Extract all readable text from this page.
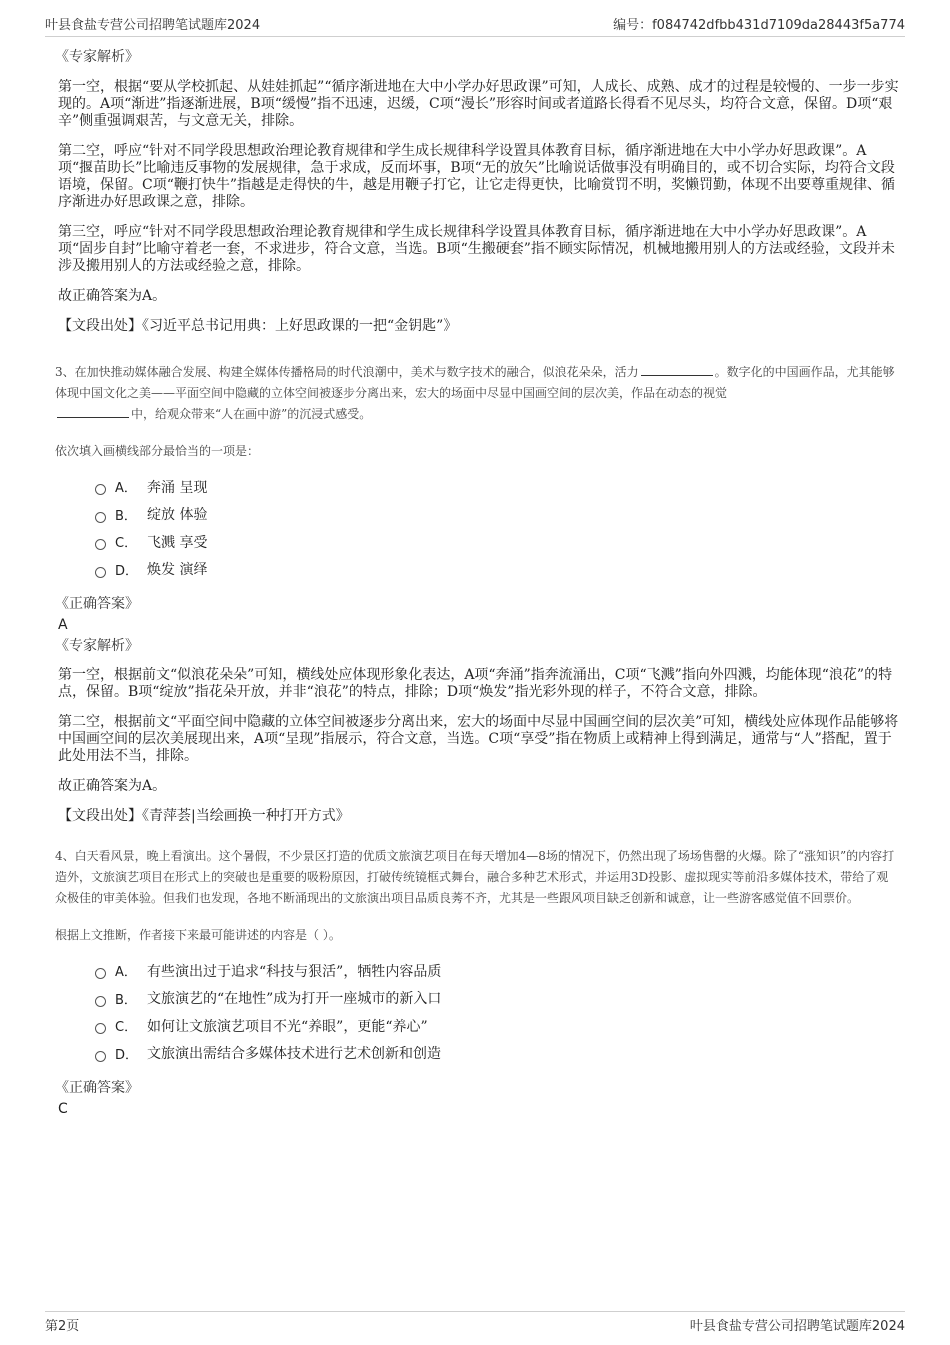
叶县食盐专营公司招聘笔试题库2024	编号：f084742dfbb431d7109da28443f5a774

《专家解析》

第一空，根据“要从学校抓起、从娃娃抓起”“循序渐进地在大中小学办好思政课”可知，人成长、成熟、成才的过程是较慢的、一步一步实现的。A项“渐进”指逐渐进展，B项“缓慢”指不迅速，迟缓，C项“漫长”形容时间或者道路长得看不见尽头，均符合文意，保留。D项“艰辛”侧重强调艰苦，与文意无关，排除。

第二空，呼应“针对不同学段思想政治理论教育规律和学生成长规律科学设置具体教育目标，循序渐进地在大中小学办好思政课”。A项“揠苗助长”比喻违反事物的发展规律，急于求成，反而坏事，B项“无的放矢”比喻说话做事没有明确目的，或不切合实际，均符合文段语境，保留。C项“鞭打快牛”指越是走得快的牛，越是用鞭子打它，让它走得更快，比喻赏罚不明，奖懒罚勤，体现不出要尊重规律、循序渐进办好思政课之意，排除。

第三空，呼应“针对不同学段思想政治理论教育规律和学生成长规律科学设置具体教育目标，循序渐进地在大中小学办好思政课”。A项“固步自封”比喻守着老一套，不求进步，符合文意，当选。B项“生搬硬套”指不顾实际情况，机械地搬用别人的方法或经验，文段并未涉及搬用别人的方法或经验之意，排除。

故正确答案为A。

【文段出处】《习近平总书记用典：上好思政课的一把“金钥匙”》

3、在加快推动媒体融合发展、构建全媒体传播格局的时代浪潮中，美术与数字技术的融合，似浪花朵朵，活力	。数字化的中国画作品，尤其能够体现中国文化之美——平面空间中隐藏的立体空间被逐步分离出来，宏大的场面中尽显中国画空间的层次美，作品在动态的视觉
中，给观众带来“人在画中游”的沉浸式感受。

依次填入画横线部分最恰当的一项是：

A． 奔涌 呈现
B． 绽放 体验
C． 飞溅 享受
D． 焕发 演绎

《正确答案》

A

《专家解析》

第一空，根据前文“似浪花朵朵”可知，横线处应体现形象化表达，A项“奔涌”指奔流涌出，C项“飞溅”指向外四溅，均能体现“浪花”的特点，保留。B项“绽放”指花朵开放，并非“浪花”的特点，排除；D项“焕发”指光彩外现的样子，不符合文意，排除。

第二空，根据前文“平面空间中隐藏的立体空间被逐步分离出来，宏大的场面中尽显中国画空间的层次美”可知，横线处应体现作品能够将中国画空间的层次美展现出来，A项“呈现”指展示，符合文意，当选。C项“享受”指在物质上或精神上得到满足，通常与“人”搭配，置于此处用法不当，排除。

故正确答案为A。

【文段出处】《青萍荟|当绘画换一种打开方式》

4、白天看风景，晚上看演出。这个暑假，不少景区打造的优质文旅演艺项目在每天增加4—8场的情况下，仍然出现了场场售罄的火爆。除了“涨知识”的内容打造外，文旅演艺项目在形式上的突破也是重要的吸粉原因，打破传统镜框式舞台，融合多种艺术形式，并运用3D投影、虚拟现实等前沿多媒体技术，带给了观众极佳的审美体验。但我们也发现，各地不断涌现出的文旅演出项目品质良莠不齐，尤其是一些跟风项目缺乏创新和诚意，让一些游客感觉值不回票价。

根据上文推断，作者接下来最可能讲述的内容是（ ）。

A． 有些演出过于追求“科技与狠活”，牺牲内容品质
B． 文旅演艺的“在地性”成为打开一座城市的新入口
C． 如何让文旅演艺项目不光“养眼”，更能“养心”
D． 文旅演出需结合多媒体技术进行艺术创新和创造

《正确答案》

C

第2页	叶县食盐专营公司招聘笔试题库2024
